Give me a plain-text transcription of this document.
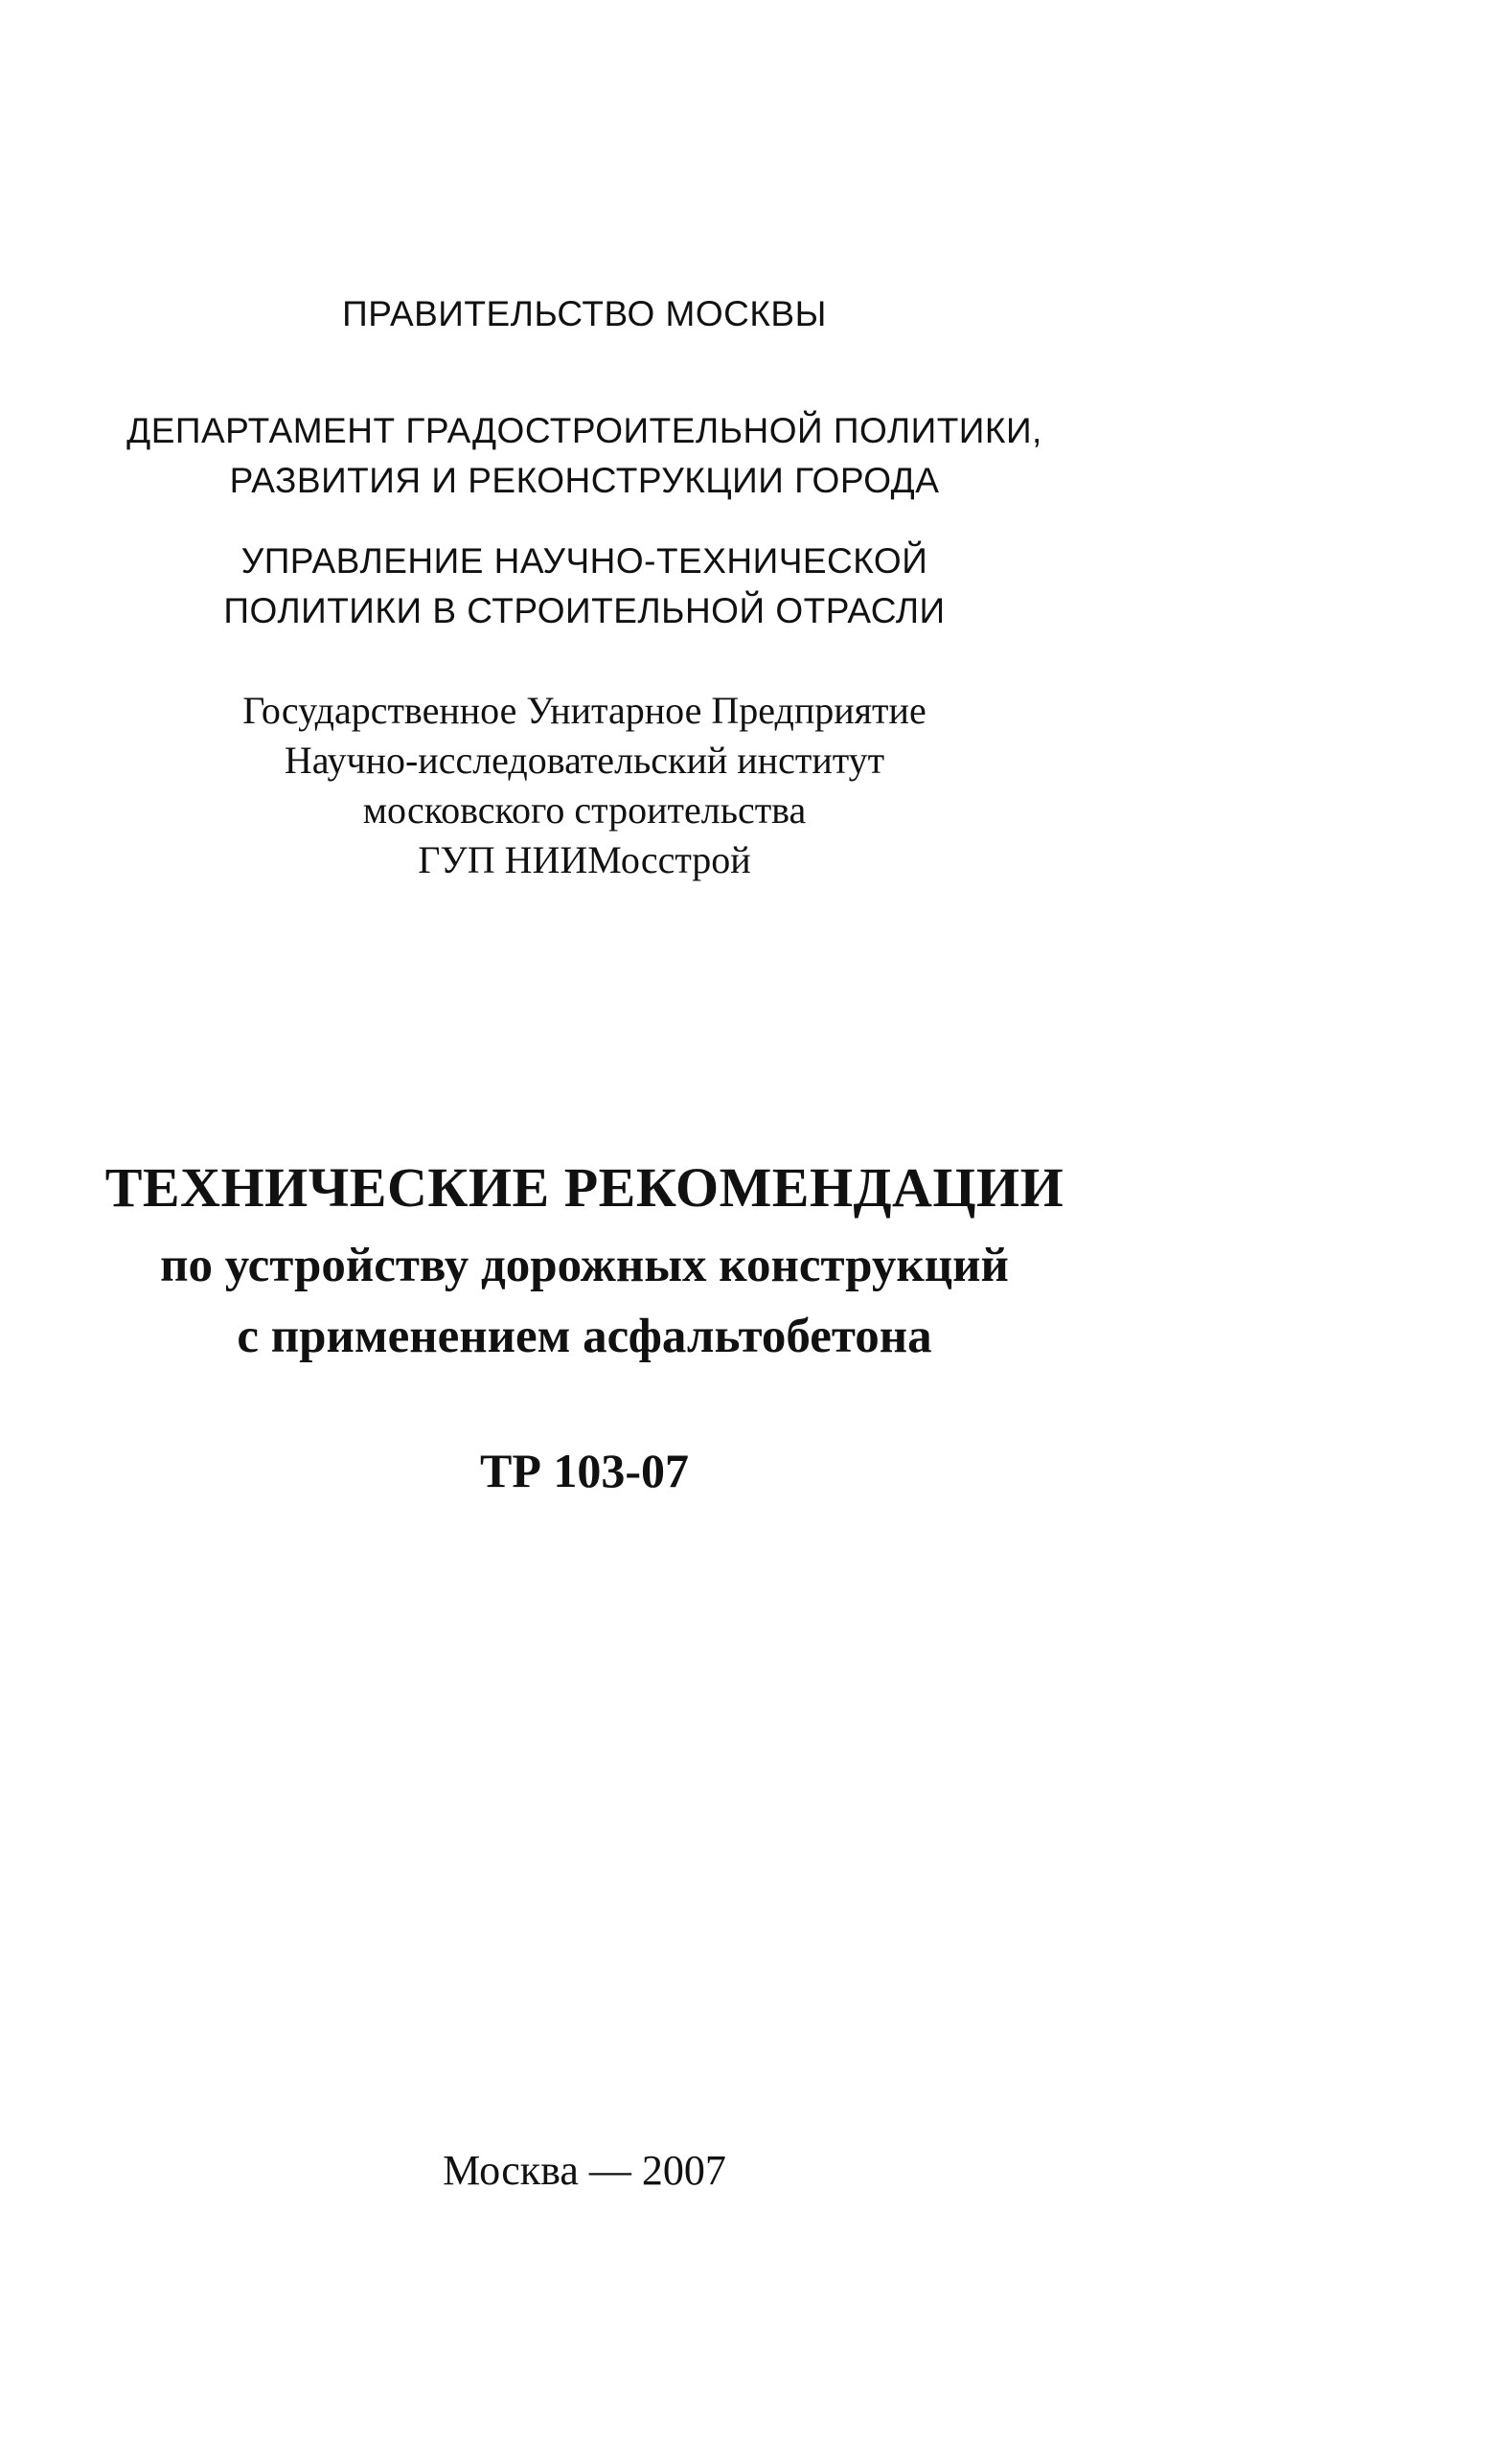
ПРАВИТЕЛЬСТВО МОСКВЫ
ДЕПАРТАМЕНТ ГРАДОСТРОИТЕЛЬНОЙ ПОЛИТИКИ,
РАЗВИТИЯ И РЕКОНСТРУКЦИИ ГОРОДА
УПРАВЛЕНИЕ НАУЧНО-ТЕХНИЧЕСКОЙ
ПОЛИТИКИ В СТРОИТЕЛЬНОЙ ОТРАСЛИ
Государственное Унитарное Предприятие
Научно-исследовательский институт
московского строительства
ГУП НИИМосстрой
ТЕХНИЧЕСКИЕ РЕКОМЕНДАЦИИ
по устройству дорожных конструкций
с применением асфальтобетона
ТР 103-07
Москва — 2007
